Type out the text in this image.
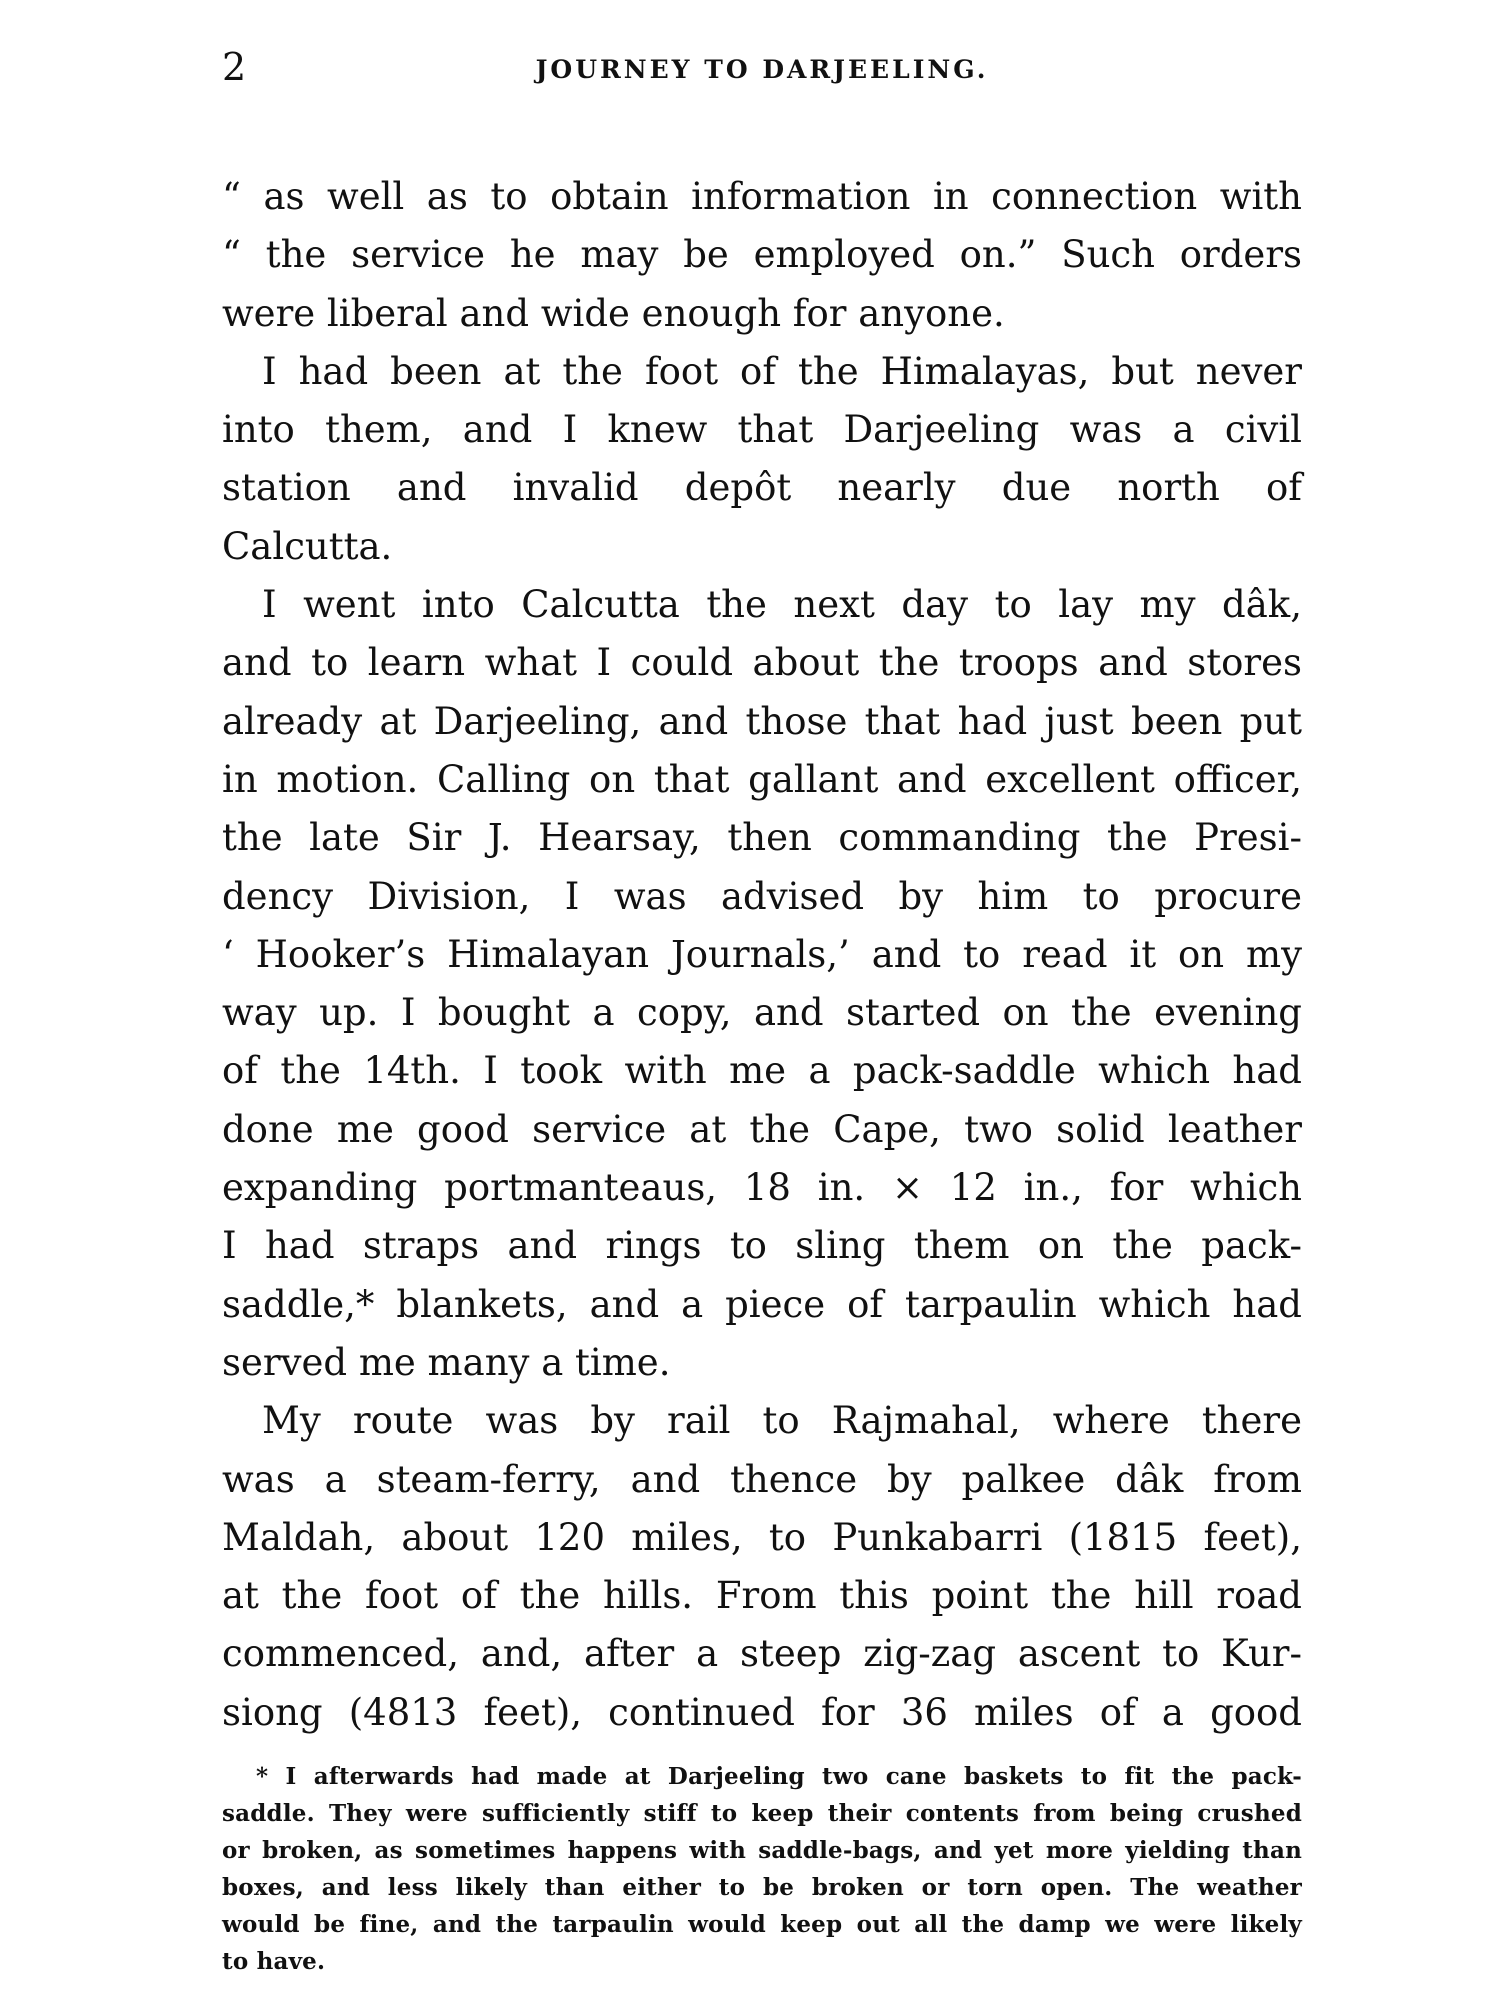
2	JOURNEY TO DARJEELING.
“ as well as to obtain information in connection with
“ the service he may be employed on.” Such orders
were liberal and wide enough for anyone.
I had been at the foot of the Himalayas, but never
into them, and I knew that Darjeeling was a civil
station and invalid depôt nearly due north of
Calcutta.
I went into Calcutta the next day to lay my dâk,
and to learn what I could about the troops and stores
already at Darjeeling, and those that had just been put
in motion. Calling on that gallant and excellent officer,
the late Sir J. Hearsay, then commanding the Presi-
dency Division, I was advised by him to procure
‘ Hooker’s Himalayan Journals,’ and to read it on my
way up. I bought a copy, and started on the evening
of the 14th. I took with me a pack-saddle which had
done me good service at the Cape, two solid leather
expanding portmanteaus, 18 in. × 12 in., for which
I had straps and rings to sling them on the pack-
saddle,* blankets, and a piece of tarpaulin which had
served me many a time.
My route was by rail to Rajmahal, where there
was a steam-ferry, and thence by palkee dâk from
Maldah, about 120 miles, to Punkabarri (1815 feet),
at the foot of the hills. From this point the hill road
commenced, and, after a steep zig-zag ascent to Kur-
siong (4813 feet), continued for 36 miles of a good
* I afterwards had made at Darjeeling two cane baskets to fit the pack-
saddle. They were sufficiently stiff to keep their contents from being crushed
or broken, as sometimes happens with saddle-bags, and yet more yielding than
boxes, and less likely than either to be broken or torn open. The weather
would be fine, and the tarpaulin would keep out all the damp we were likely
to have.
